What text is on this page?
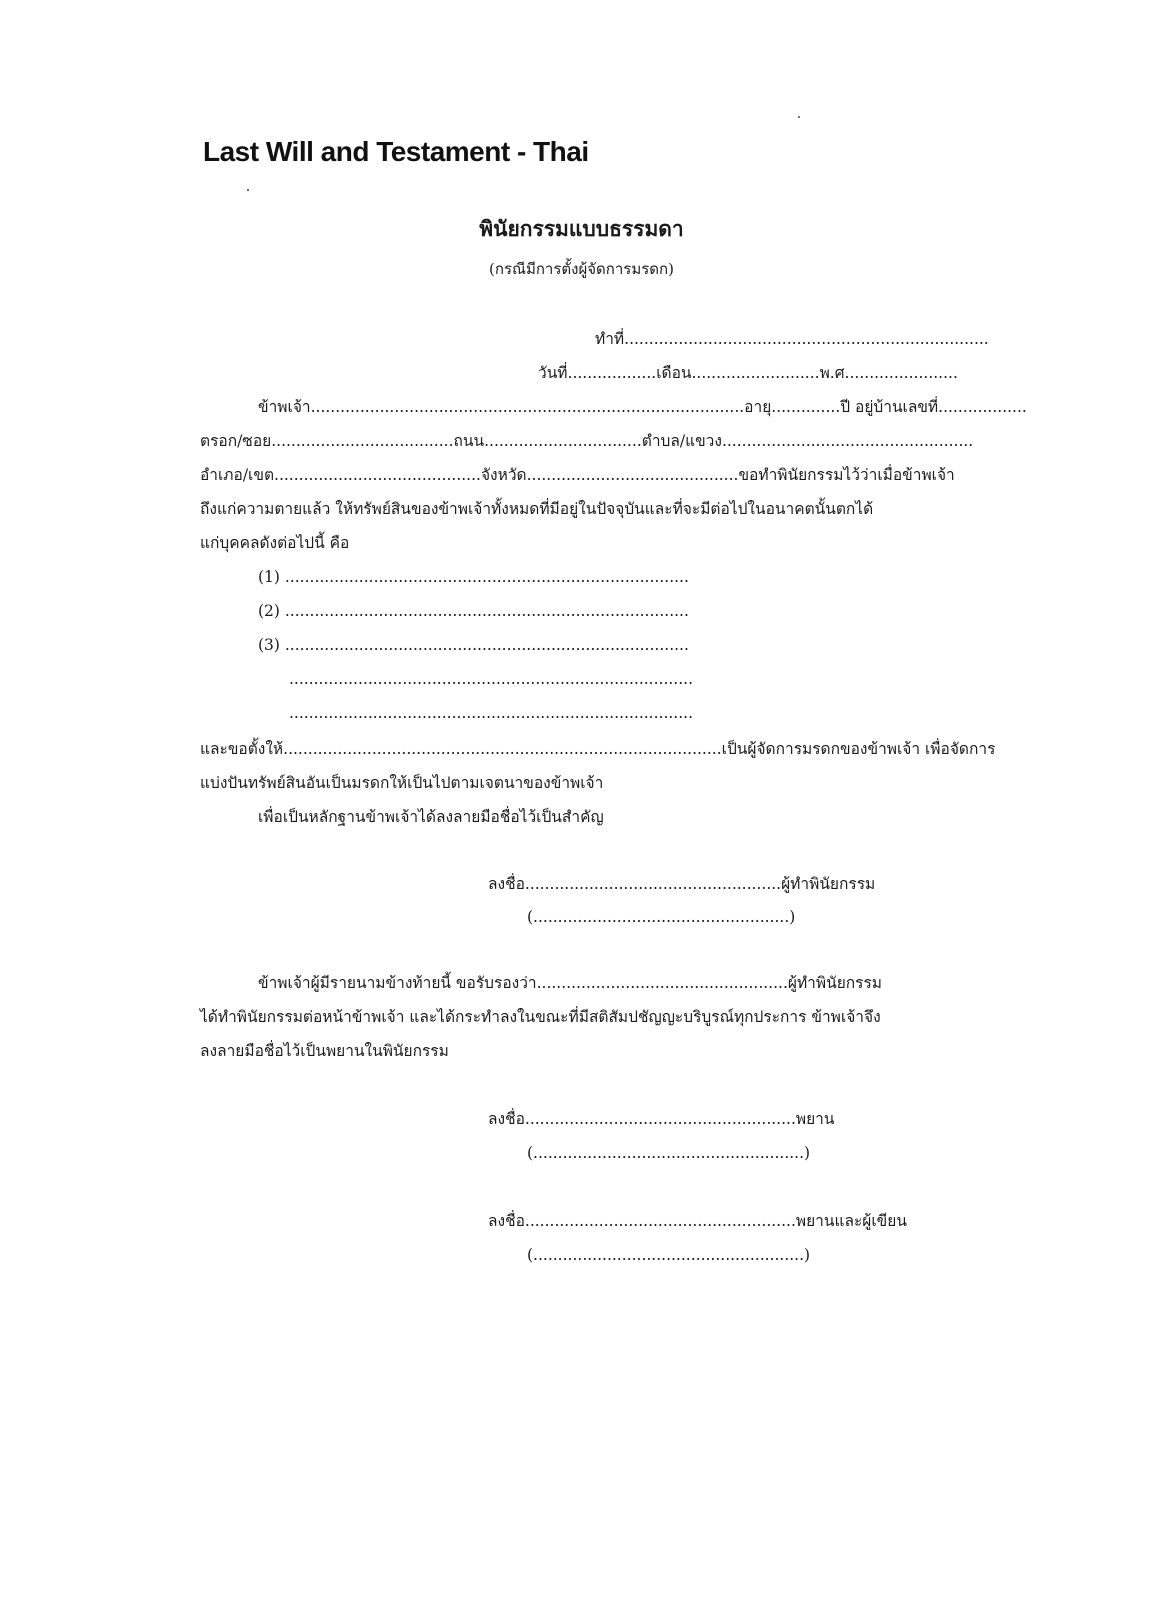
Last Will and Testament - Thai
พินัยกรรมแบบธรรมดา
(กรณีมีการตั้งผู้จัดการมรดก)
ทำที่..........................................................................
วันที่..................เดือน..........................พ.ศ.......................
ข้าพเจ้า........................................................................................อายุ..............ปี อยู่บ้านเลขที่..................
ตรอก/ซอย.....................................ถนน................................ตำบล/แขวง...................................................
อำเภอ/เขต..........................................จังหวัด...........................................ขอทำพินัยกรรมไว้ว่าเมื่อข้าพเจ้า
ถึงแก่ความตายแล้ว ให้ทรัพย์สินของข้าพเจ้าทั้งหมดที่มีอยู่ในปัจจุบันและที่จะมีต่อไปในอนาคตนั้นตกได้
แก่บุคคลดังต่อไปนี้ คือ
(1) ..................................................................................
(2) ..................................................................................
(3) ..................................................................................
..................................................................................
..................................................................................
และขอตั้งให้.........................................................................................เป็นผู้จัดการมรดกของข้าพเจ้า เพื่อจัดการ
แบ่งปันทรัพย์สินอันเป็นมรดกให้เป็นไปตามเจตนาของข้าพเจ้า
เพื่อเป็นหลักฐานข้าพเจ้าได้ลงลายมือชื่อไว้เป็นสำคัญ
ลงชื่อ....................................................ผู้ทำพินัยกรรม
(....................................................)
ข้าพเจ้าผู้มีรายนามข้างท้ายนี้ ขอรับรองว่า...................................................ผู้ทำพินัยกรรม
ได้ทำพินัยกรรมต่อหน้าข้าพเจ้า และได้กระทำลงในขณะที่มีสติสัมปชัญญะบริบูรณ์ทุกประการ ข้าพเจ้าจึง
ลงลายมือชื่อไว้เป็นพยานในพินัยกรรม
ลงชื่อ.......................................................พยาน
(.......................................................)
ลงชื่อ.......................................................พยานและผู้เขียน
(.......................................................)
